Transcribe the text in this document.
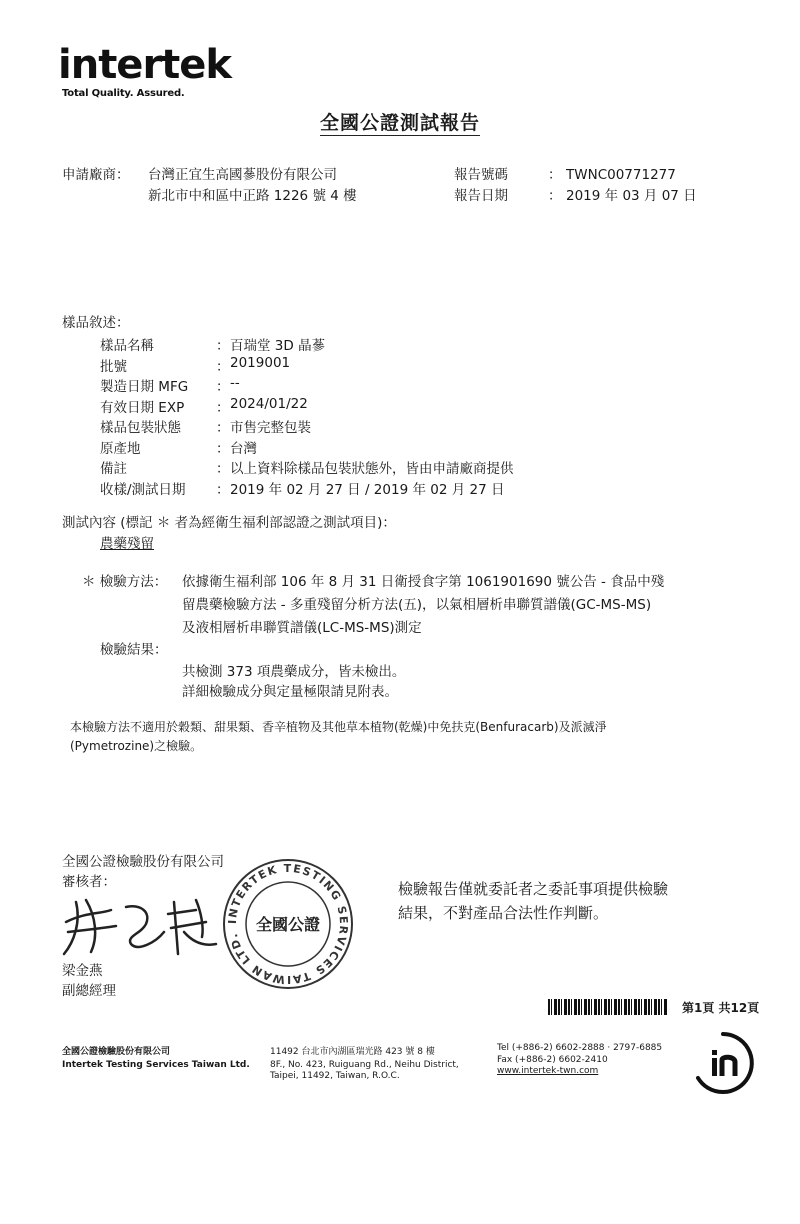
intertek
Total Quality. Assured.
全國公證測試報告
申請廠商： 台灣正宜生高國蔘股份有限公司
新北市中和區中正路 1226 號 4 樓
報告號碼	： TWNC00771277
報告日期	： 2019 年 03 月 07 日
樣品敘述：
樣品名稱	： 百瑞堂 3D 晶蔘
批號	： 2019001
製造日期 MFG ： --
有效日期 EXP ： 2024/01/22
樣品包裝狀態	： 市售完整包裝
原產地	： 台灣
備註	： 以上資料除樣品包裝狀態外，皆由申請廠商提供
收樣/測試日期 ： 2019 年 02 月 27 日 / 2019 年 02 月 27 日
測試內容 (標記 ＊ 者為經衛生福利部認證之測試項目)：
農藥殘留
＊ 檢驗方法： 依據衛生福利部 106 年 8 月 31 日衛授食字第 1061901690 號公告 - 食品中殘
留農藥檢驗方法 - 多重殘留分析方法(五)，以氣相層析串聯質譜儀(GC-MS-MS)
及液相層析串聯質譜儀(LC-MS-MS)測定
檢驗結果：
共檢測 373 項農藥成分，皆未檢出。
詳細檢驗成分與定量極限請見附表。
本檢驗方法不適用於穀類、甜果類、香辛植物及其他草本植物(乾燥)中免扶克(Benfuracarb)及派滅淨
(Pymetrozine)之檢驗。
全國公證檢驗股份有限公司
審核者：
INTERTEK TESTING SERVICES TAIWAN LTD.
全國公證
梁金燕
副總經理
檢驗報告僅就委託者之委託事項提供檢驗
結果，不對產品合法性作判斷。
第1頁 共12頁
全國公證檢驗股份有限公司
Intertek Testing Services Taiwan Ltd.
11492 台北市內湖區瑞光路 423 號 8 樓
8F., No. 423, Ruiguang Rd., Neihu District,
Taipei, 11492, Taiwan, R.O.C.
Tel (+886-2) 6602-2888 · 2797-6885
Fax (+886-2) 6602-2410
www.intertek-twn.com
